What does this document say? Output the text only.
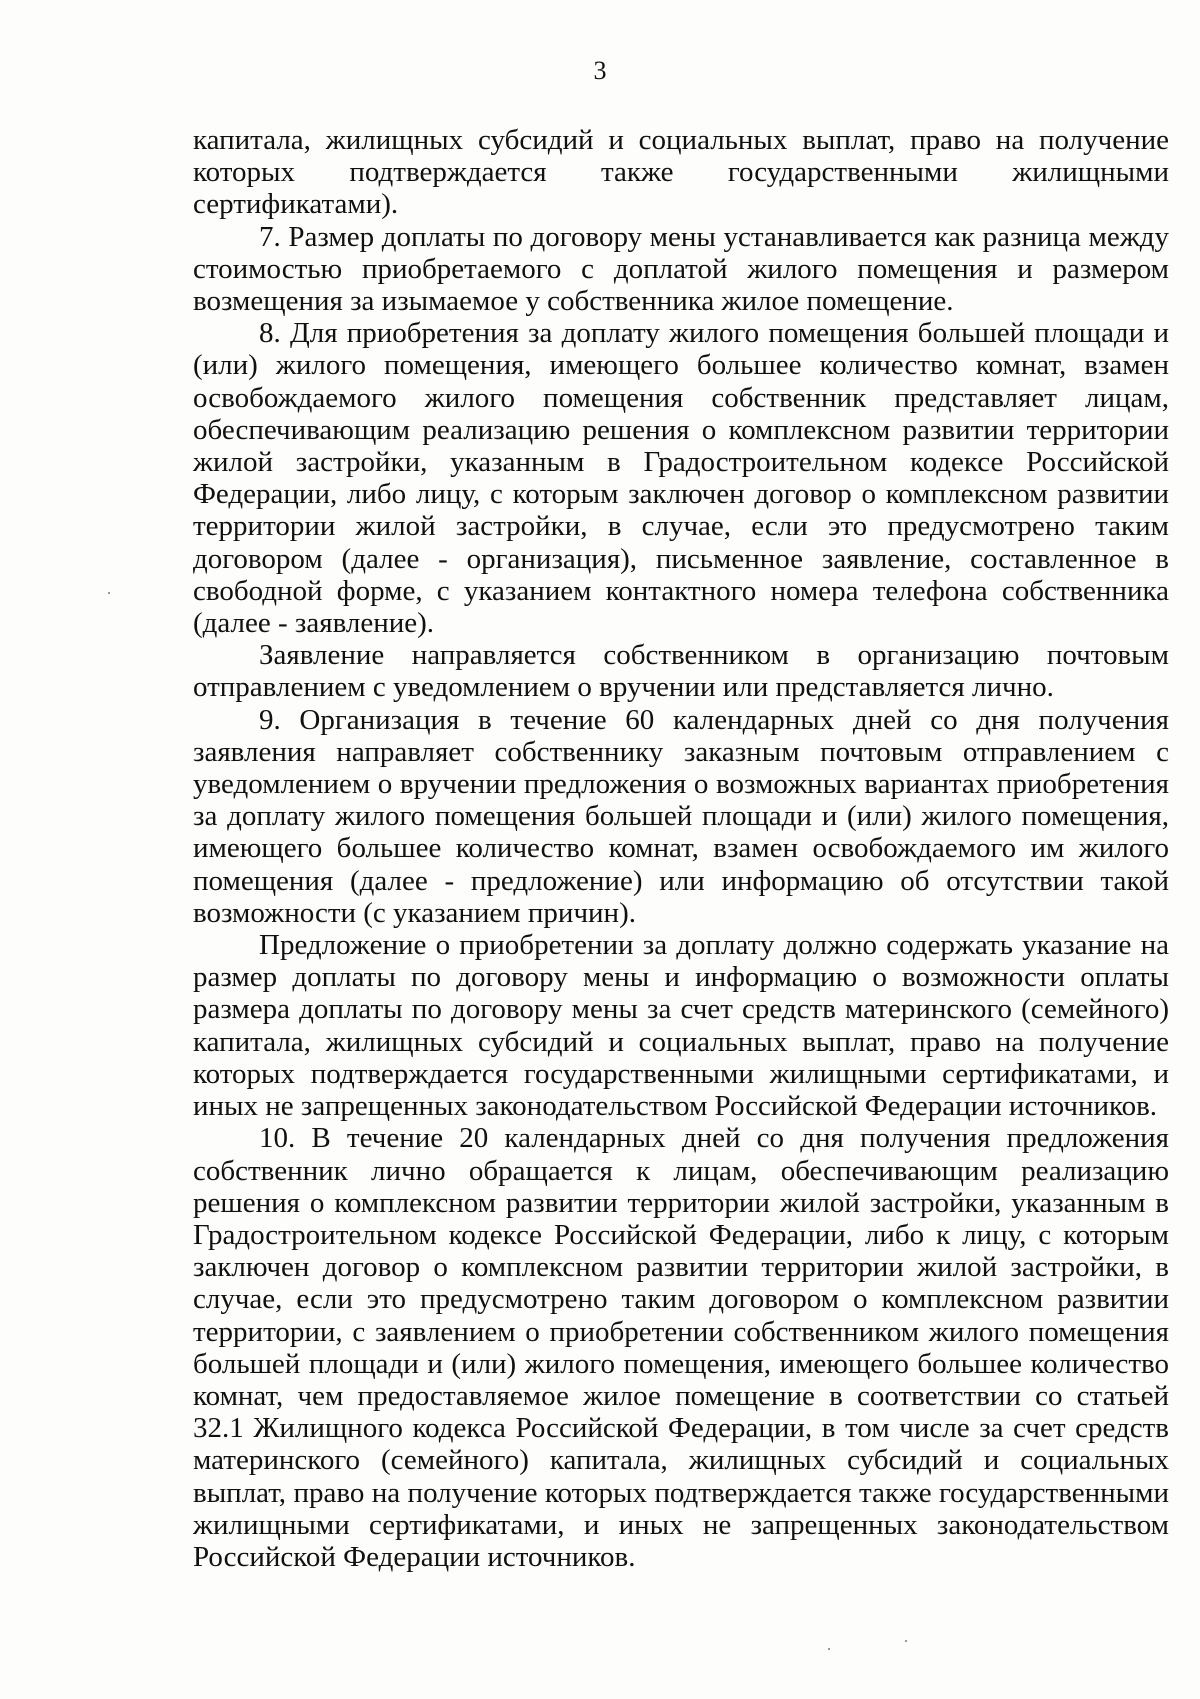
3

капитала, жилищных субсидий и социальных выплат, право на получение которых подтверждается также государственными жилищными сертификатами).

7. Размер доплаты по договору мены устанавливается как разница между стоимостью приобретаемого с доплатой жилого помещения и размером возмещения за изымаемое у собственника жилое помещение.

8. Для приобретения за доплату жилого помещения большей площади и (или) жилого помещения, имеющего большее количество комнат, взамен освобождаемого жилого помещения собственник представляет лицам, обеспечивающим реализацию решения о комплексном развитии территории жилой застройки, указанным в Градостроительном кодексе Российской Федерации, либо лицу, с которым заключен договор о комплексном развитии территории жилой застройки, в случае, если это предусмотрено таким договором (далее - организация), письменное заявление, составленное в свободной форме, с указанием контактного номера телефона собственника (далее - заявление).

Заявление направляется собственником в организацию почтовым отправлением с уведомлением о вручении или представляется лично.

9. Организация в течение 60 календарных дней со дня получения заявления направляет собственнику заказным почтовым отправлением с уведомлением о вручении предложения о возможных вариантах приобретения за доплату жилого помещения большей площади и (или) жилого помещения, имеющего большее количество комнат, взамен освобождаемого им жилого помещения (далее - предложение) или информацию об отсутствии такой возможности (с указанием причин).

Предложение о приобретении за доплату должно содержать указание на размер доплаты по договору мены и информацию о возможности оплаты размера доплаты по договору мены за счет средств материнского (семейного) капитала, жилищных субсидий и социальных выплат, право на получение которых подтверждается государственными жилищными сертификатами, и иных не запрещенных законодательством Российской Федерации источников.

10. В течение 20 календарных дней со дня получения предложения собственник лично обращается к лицам, обеспечивающим реализацию решения о комплексном развитии территории жилой застройки, указанным в Градостроительном кодексе Российской Федерации, либо к лицу, с которым заключен договор о комплексном развитии территории жилой застройки, в случае, если это предусмотрено таким договором о комплексном развитии территории, с заявлением о приобретении собственником жилого помещения большей площади и (или) жилого помещения, имеющего большее количество комнат, чем предоставляемое жилое помещение в соответствии со статьей 32.1 Жилищного кодекса Российской Федерации, в том числе за счет средств материнского (семейного) капитала, жилищных субсидий и социальных выплат, право на получение которых подтверждается также государственными жилищными сертификатами, и иных не запрещенных законодательством Российской Федерации источников.
